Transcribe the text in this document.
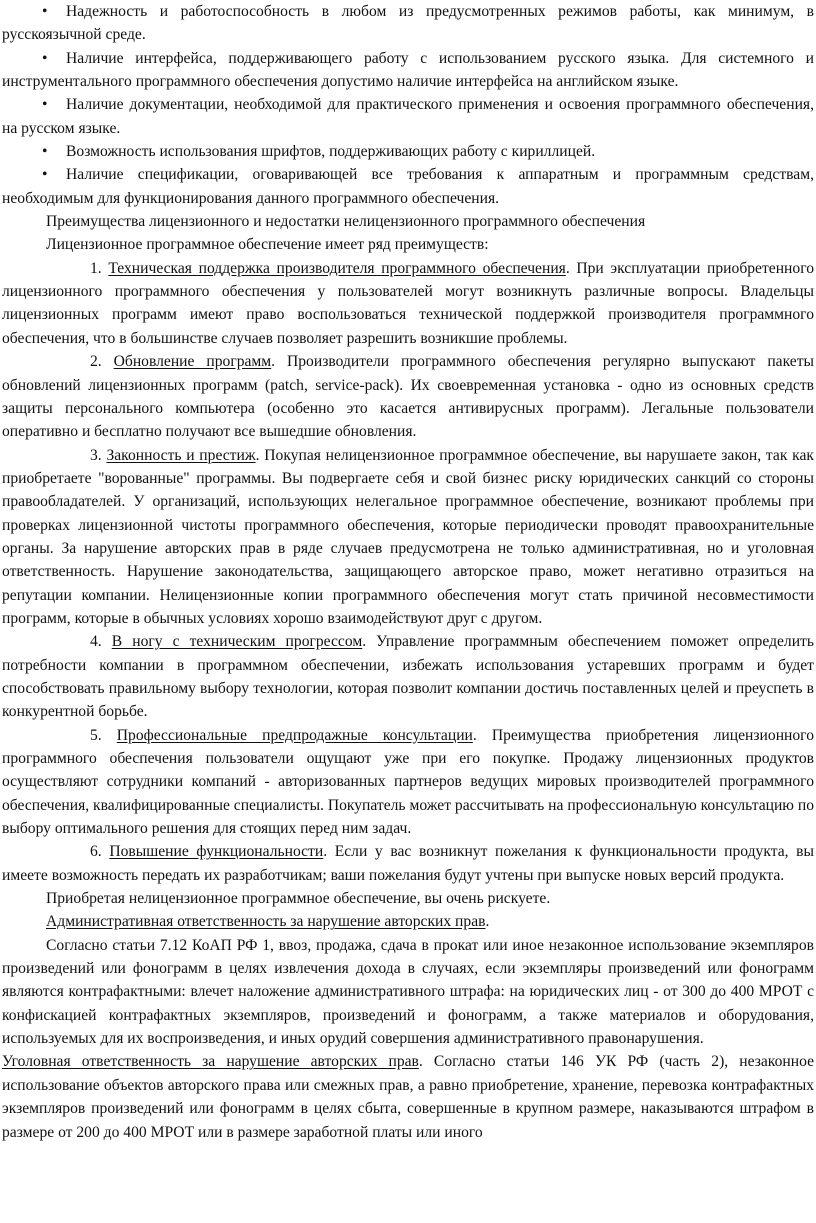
• Надежность и работоспособность в любом из предусмотренных режимов работы, как минимум, в русскоязычной среде.

• Наличие интерфейса, поддерживающего работу с использованием русского языка. Для системного и инструментального программного обеспечения допустимо наличие интерфейса на английском языке.

• Наличие документации, необходимой для практического применения и освоения программного обеспечения, на русском языке.

• Возможность использования шрифтов, поддерживающих работу с кириллицей.

• Наличие спецификации, оговаривающей все требования к аппаратным и программным средствам, необходимым для функционирования данного программного обеспечения.

Преимущества лицензионного и недостатки нелицензионного программного обеспечения

Лицензионное программное обеспечение имеет ряд преимуществ:

1. Техническая поддержка производителя программного обеспечения. При эксплуатации приобретенного лицензионного программного обеспечения у пользователей могут возникнуть различные вопросы. Владельцы лицензионных программ имеют право воспользоваться технической поддержкой производителя программного обеспечения, что в большинстве случаев позволяет разрешить возникшие проблемы.

2. Обновление программ. Производители программного обеспечения регулярно выпускают пакеты обновлений лицензионных программ (patch, service-pack). Их своевременная установка - одно из основных средств защиты персонального компьютера (особенно это касается антивирусных программ). Легальные пользователи оперативно и бесплатно получают все вышедшие обновления.

3. Законность и престиж. Покупая нелицензионное программное обеспечение, вы нарушаете закон, так как приобретаете "ворованные" программы. Вы подвергаете себя и свой бизнес риску юридических санкций со стороны правообладателей. У организаций, использующих нелегальное программное обеспечение, возникают проблемы при проверках лицензионной чистоты программного обеспечения, которые периодически проводят правоохранительные органы. За нарушение авторских прав в ряде случаев предусмотрена не только административная, но и уголовная ответственность. Нарушение законодательства, защищающего авторское право, может негативно отразиться на репутации компании. Нелицензионные копии программного обеспечения могут стать причиной несовместимости программ, которые в обычных условиях хорошо взаимодействуют друг с другом.

4. В ногу с техническим прогрессом. Управление программным обеспечением поможет определить потребности компании в программном обеспечении, избежать использования устаревших программ и будет способствовать правильному выбору технологии, которая позволит компании достичь поставленных целей и преуспеть в конкурентной борьбе.

5. Профессиональные предпродажные консультации. Преимущества приобретения лицензионного программного обеспечения пользователи ощущают уже при его покупке. Продажу лицензионных продуктов осуществляют сотрудники компаний - авторизованных партнеров ведущих мировых производителей программного обеспечения, квалифицированные специалисты. Покупатель может рассчитывать на профессиональную консультацию по выбору оптимального решения для стоящих перед ним задач.

6. Повышение функциональности. Если у вас возникнут пожелания к функциональности продукта, вы имеете возможность передать их разработчикам; ваши пожелания будут учтены при выпуске новых версий продукта.

Приобретая нелицензионное программное обеспечение, вы очень рискуете.

Административная ответственность за нарушение авторских прав.

Согласно статьи 7.12 КоАП РФ 1, ввоз, продажа, сдача в прокат или иное незаконное использование экземпляров произведений или фонограмм в целях извлечения дохода в случаях, если экземпляры произведений или фонограмм являются контрафактными: влечет наложение административного штрафа: на юридических лиц - от 300 до 400 МРОТ с конфискацией контрафактных экземпляров, произведений и фонограмм, а также материалов и оборудования, используемых для их воспроизведения, и иных орудий совершения административного правонарушения.

Уголовная ответственность за нарушение авторских прав. Согласно статьи 146 УК РФ (часть 2), незаконное использование объектов авторского права или смежных прав, а равно приобретение, хранение, перевозка контрафактных экземпляров произведений или фонограмм в целях сбыта, совершенные в крупном размере, наказываются штрафом в размере от 200 до 400 МРОТ или в размере заработной платы или иного
